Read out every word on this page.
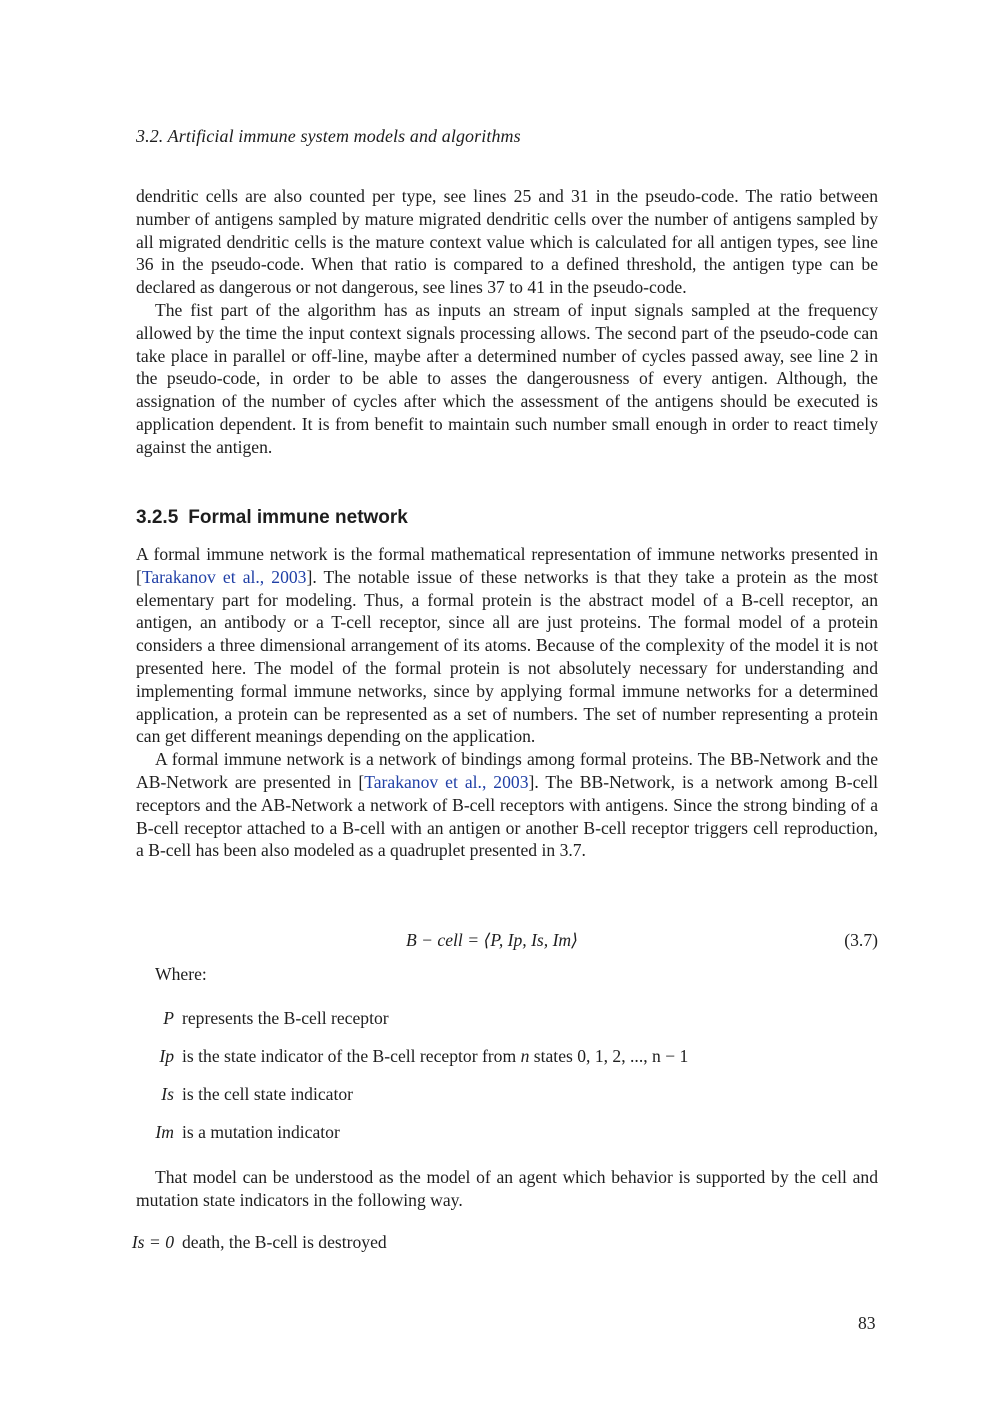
3.2. Artificial immune system models and algorithms

dendritic cells are also counted per type, see lines 25 and 31 in the pseudo-code. The ratio between number of antigens sampled by mature migrated dendritic cells over the number of antigens sampled by all migrated dendritic cells is the mature context value which is calculated for all antigen types, see line 36 in the pseudo-code. When that ratio is compared to a defined threshold, the antigen type can be declared as dangerous or not dangerous, see lines 37 to 41 in the pseudo-code.

The fist part of the algorithm has as inputs an stream of input signals sampled at the frequency allowed by the time the input context signals processing allows. The second part of the pseudo-code can take place in parallel or off-line, maybe after a determined number of cycles passed away, see line 2 in the pseudo-code, in order to be able to asses the dangerousness of every antigen. Although, the assignation of the number of cycles after which the assessment of the antigens should be executed is application dependent. It is from benefit to maintain such number small enough in order to react timely against the antigen.

3.2.5 Formal immune network

A formal immune network is the formal mathematical representation of immune networks presented in [Tarakanov et al., 2003]. The notable issue of these networks is that they take a protein as the most elementary part for modeling. Thus, a formal protein is the abstract model of a B-cell receptor, an antigen, an antibody or a T-cell receptor, since all are just proteins. The formal model of a protein considers a three dimensional arrangement of its atoms. Because of the complexity of the model it is not presented here. The model of the formal protein is not absolutely necessary for understanding and implementing formal immune networks, since by applying formal immune networks for a determined application, a protein can be represented as a set of numbers. The set of number representing a protein can get different meanings depending on the application.

A formal immune network is a network of bindings among formal proteins. The BB-Network and the AB-Network are presented in [Tarakanov et al., 2003]. The BB-Network, is a network among B-cell receptors and the AB-Network a network of B-cell receptors with antigens. Since the strong binding of a B-cell receptor attached to a B-cell with an antigen or another B-cell receptor triggers cell reproduction, a B-cell has been also modeled as a quadruplet presented in 3.7.

B − cell = ⟨P, Ip, Is, Im⟩	(3.7)
Where:
P represents the B-cell receptor
Ip is the state indicator of the B-cell receptor from n states 0, 1, 2, ..., n − 1
Is is the cell state indicator
Im is a mutation indicator

That model can be understood as the model of an agent which behavior is supported by the cell and mutation state indicators in the following way.

Is = 0 death, the B-cell is destroyed
83
